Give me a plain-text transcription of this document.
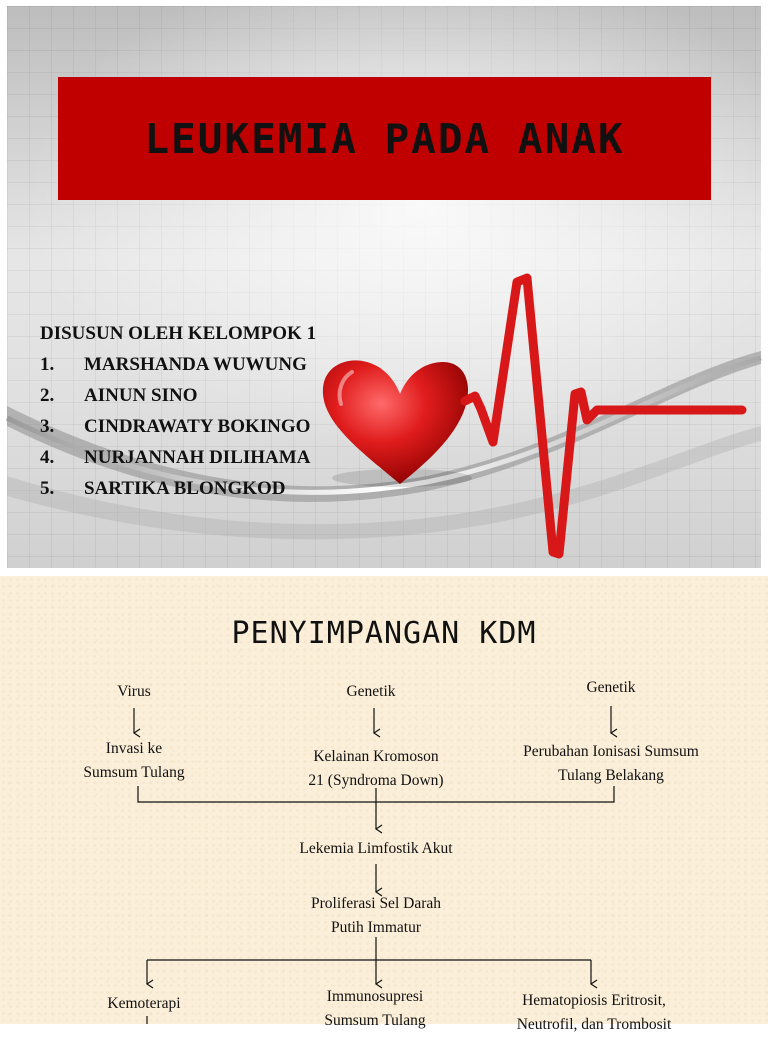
LEUKEMIA PADA ANAK
DISUSUN OLEH KELOMPOK 1
1.	MARSHANDA WUWUNG
2.	AINUN SINO
3.	CINDRAWATY BOKINGO
4.	NURJANNAH DILIHAMA
5.	SARTIKA BLONGKOD
PENYIMPANGAN KDM
Virus	Genetik	Genetik
Invasi ke
Sumsum Tulang
Kelainan Kromoson
21 (Syndroma Down)
Perubahan Ionisasi Sumsum
Tulang Belakang
Lekemia Limfostik Akut
Proliferasi Sel Darah
Putih Immatur
Kemoterapi	Immunosupresi
Sumsum Tulang
Hematopiosis Eritrosit,
Neutrofil, dan Trombosit
